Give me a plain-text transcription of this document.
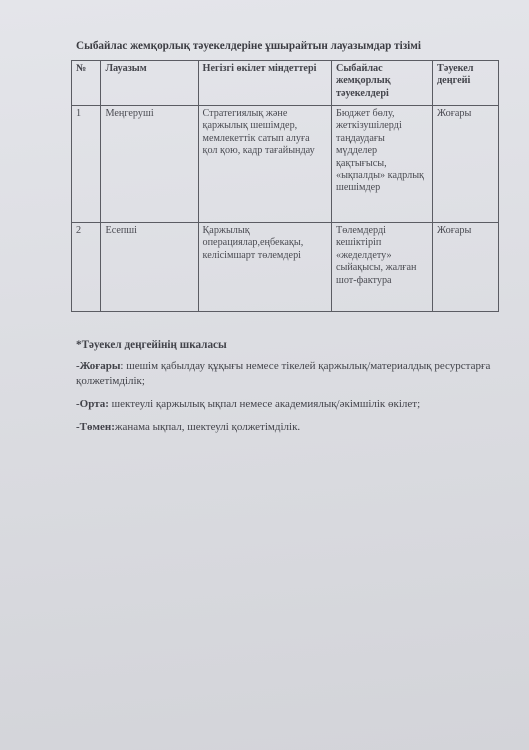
Сыбайлас жемқорлық тәуекелдеріне ұшырайтын лауазымдар тізімі
№	Лауазым	Негізгі өкілет міндеттері	Сыбайлас жемқорлық тәуекелдері	Тәуекел деңгейі
1	Меңгеруші	Стратегиялық және қаржылық шешімдер, мемлекеттік сатып алуға қол қою, кадр тағайындау	Бюджет бөлу, жеткізушілерді таңдаудағы мүдделер қақтығысы, «ықпалды» кадрлық шешімдер	Жоғары
2	Есепші	Қаржылық операциялар,еңбекақы, келісімшарт төлемдері	Төлемдерді кешіктіріп «жеделдету» сыйақысы, жалған шот-фактура	Жоғары
*Тәуекел деңгейінің шкаласы
-Жоғары: шешім қабылдау құқығы немесе тікелей қаржылық/материалдық ресурстарға қолжетімділік;
-Орта: шектеулі қаржылық ықпал немесе академиялық/әкімшілік өкілет;
-Төмен:жанама ықпал, шектеулі қолжетімділік.
